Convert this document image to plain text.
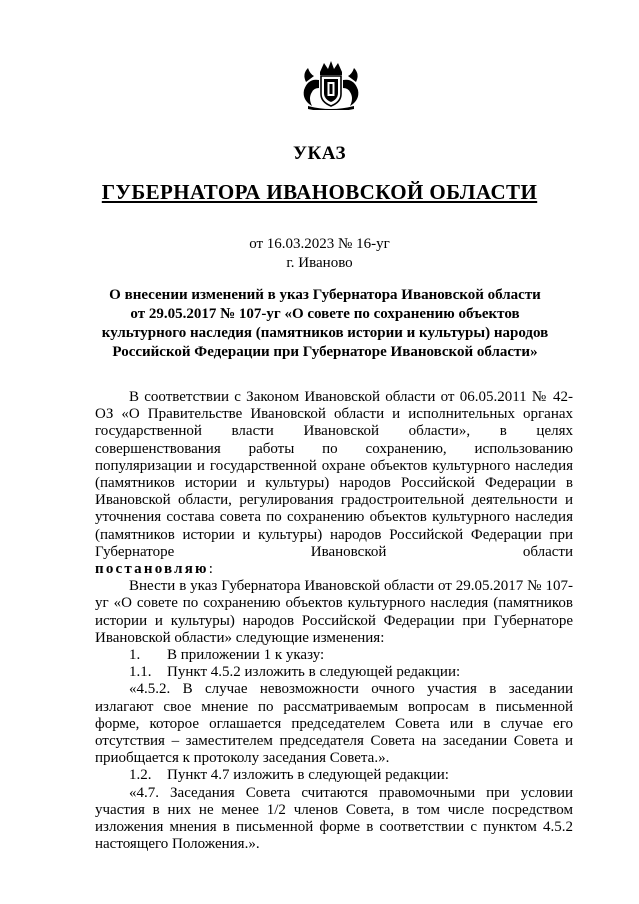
УКАЗ
ГУБЕРНАТОРА ИВАНОВСКОЙ ОБЛАСТИ
от 16.03.2023 № 16-уг
г. Иваново
О внесении изменений в указ Губернатора Ивановской области
от 29.05.2017 № 107-уг «О совете по сохранению объектов
культурного наследия (памятников истории и культуры) народов
Российской Федерации при Губернаторе Ивановской области»

В соответствии с Законом Ивановской области от 06.05.2011 № 42-ОЗ «О Правительстве Ивановской области и исполнительных органах государственной власти Ивановской области», в целях совершенствования работы по сохранению, использованию популяризации и государственной охране объектов культурного наследия (памятников истории и культуры) народов Российской Федерации в Ивановской области, регулирования градостроительной деятельности и уточнения состава совета по сохранению объектов культурного наследия (памятников истории и культуры) народов Российской Федерации при Губернаторе Ивановской области

постановляю:

Внести в указ Губернатора Ивановской области от 29.05.2017 № 107-уг «О совете по сохранению объектов культурного наследия (памятников истории и культуры) народов Российской Федерации при Губернаторе Ивановской области» следующие изменения:

1.	В приложении 1 к указу:
1.1.	Пункт 4.5.2 изложить в следующей редакции:

«4.5.2. В случае невозможности очного участия в заседании излагают свое мнение по рассматриваемым вопросам в письменной форме, которое оглашается председателем Совета или в случае его отсутствия – заместителем председателя Совета на заседании Совета и приобщается к протоколу заседания Совета.».

1.2.	Пункт 4.7 изложить в следующей редакции:

«4.7. Заседания Совета считаются правомочными при условии участия в них не менее 1/2 членов Совета, в том числе посредством изложения мнения в письменной форме в соответствии с пунктом 4.5.2 настоящего Положения.».
